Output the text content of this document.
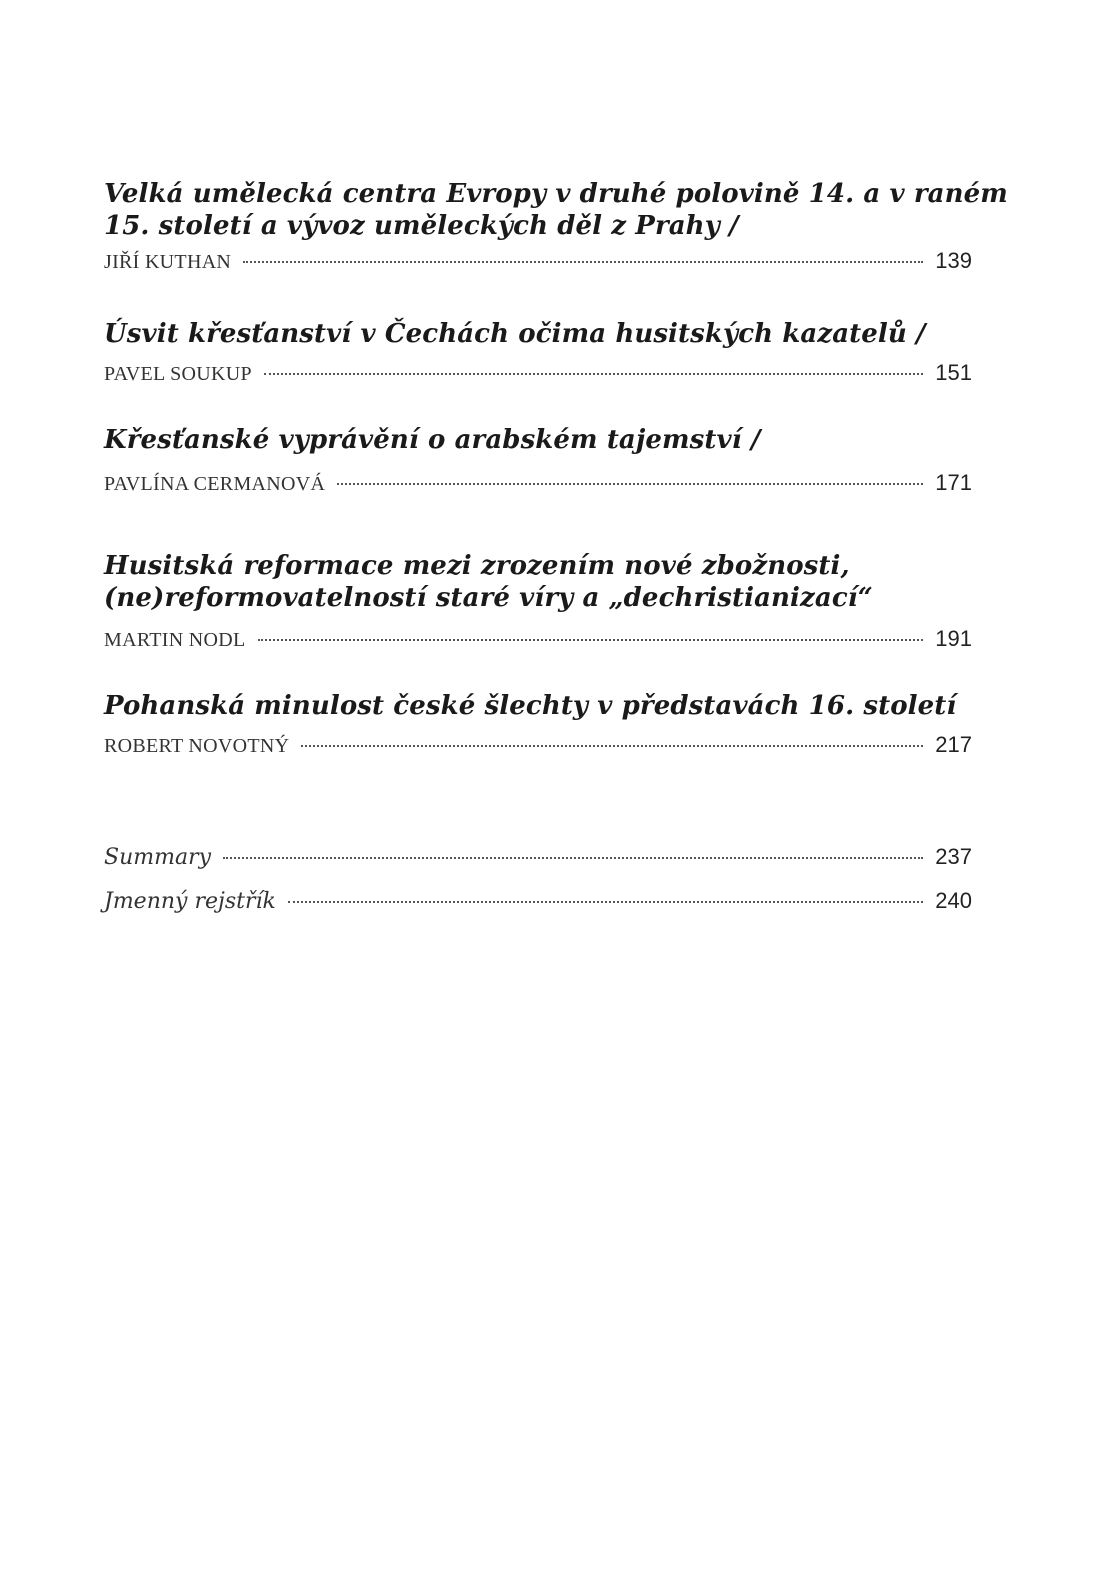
Velká umělecká centra Evropy v druhé polovině 14. a v raném
15. století a vývoz uměleckých děl z Prahy /
JIŘÍ KUTHAN	139
Úsvit křesťanství v Čechách očima husitských kazatelů /
PAVEL SOUKUP	151
Křesťanské vyprávění o arabském tajemství /
PAVLÍNA CERMANOVÁ	171
Husitská reformace mezi zrozením nové zbožnosti,
(ne)reformovatelností staré víry a „dechristianizací“
MARTIN NODL	191
Pohanská minulost české šlechty v představách 16. století
ROBERT NOVOTNÝ	217
Summary	237
Jmenný rejstřík	240
